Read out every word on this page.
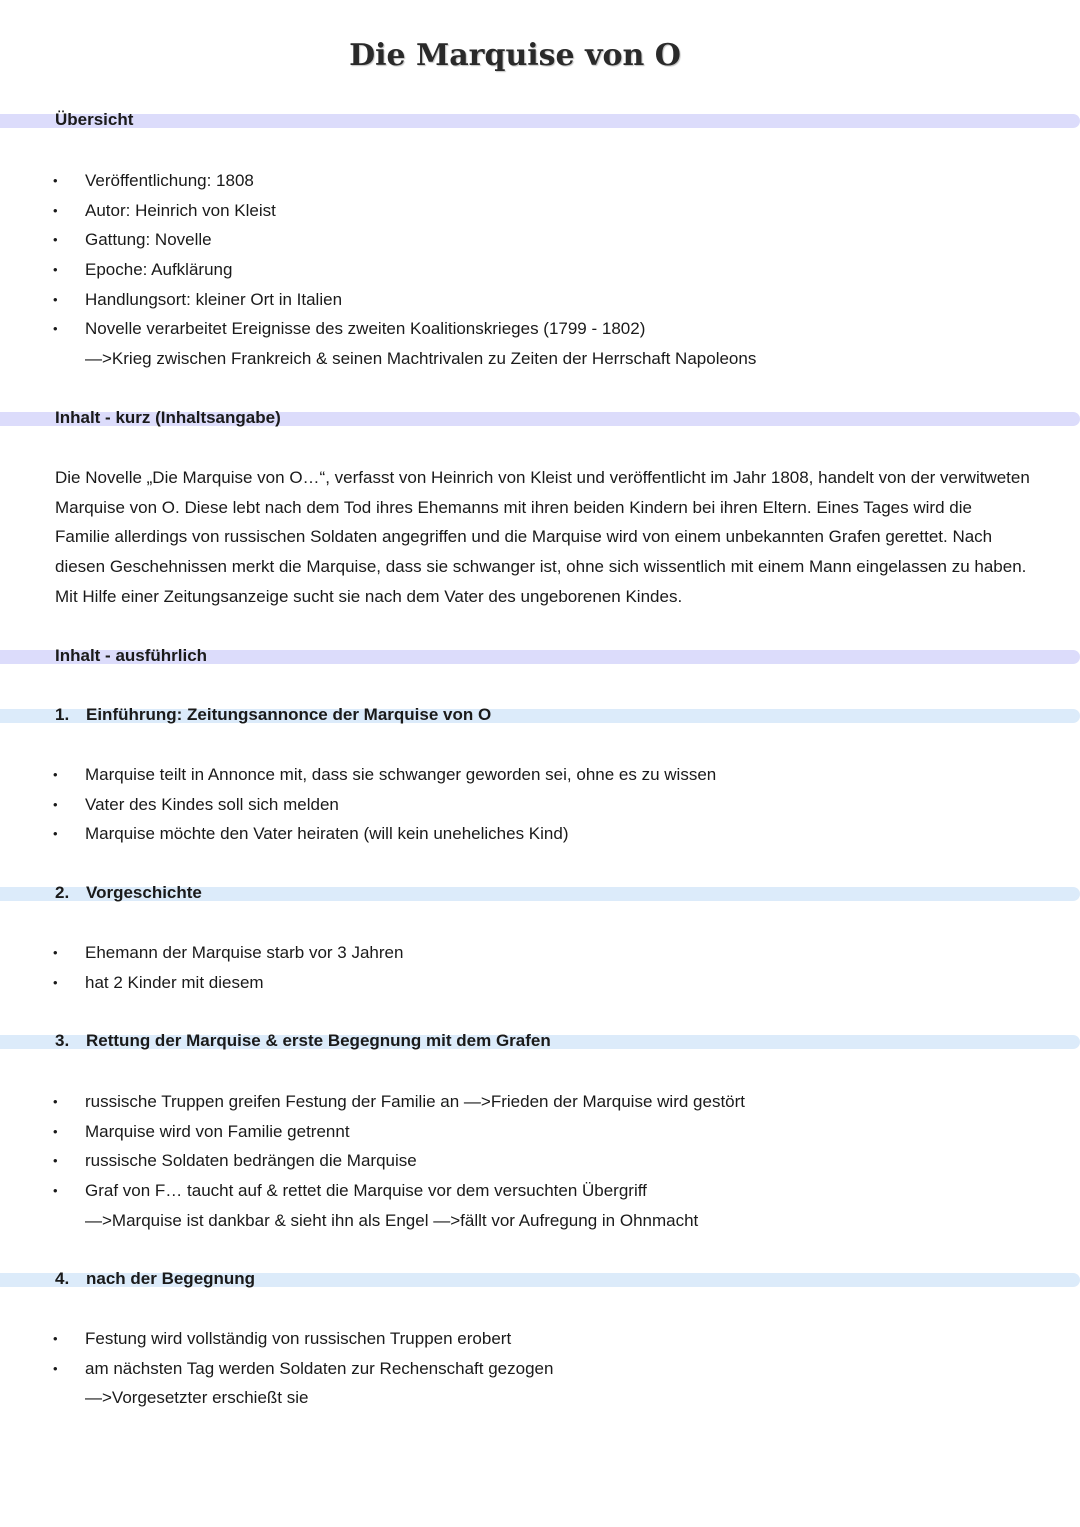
Die Marquise von O
Übersicht
• Veröffentlichung: 1808
• Autor: Heinrich von Kleist
• Gattung: Novelle
• Epoche: Aufklärung
• Handlungsort: kleiner Ort in Italien
• Novelle verarbeitet Ereignisse des zweiten Koalitionskrieges (1799 - 1802)
—>Krieg zwischen Frankreich & seinen Machtrivalen zu Zeiten der Herrschaft Napoleons
Inhalt - kurz (Inhaltsangabe)

Die Novelle „Die Marquise von O…“, verfasst von Heinrich von Kleist und veröffentlicht im Jahr 1808, handelt von der verwitweten Marquise von O. Diese lebt nach dem Tod ihres Ehemanns mit ihren beiden Kindern bei ihren Eltern. Eines Tages wird die Familie allerdings von russischen Soldaten angegriffen und die Marquise wird von einem unbekannten Grafen gerettet. Nach diesen Geschehnissen merkt die Marquise, dass sie schwanger ist, ohne sich wissentlich mit einem Mann eingelassen zu haben. Mit Hilfe einer Zeitungsanzeige sucht sie nach dem Vater des ungeborenen Kindes.

Inhalt - ausführlich
1. Einführung: Zeitungsannonce der Marquise von O
• Marquise teilt in Annonce mit, dass sie schwanger geworden sei, ohne es zu wissen
• Vater des Kindes soll sich melden
• Marquise möchte den Vater heiraten (will kein uneheliches Kind)
2. Vorgeschichte
• Ehemann der Marquise starb vor 3 Jahren
• hat 2 Kinder mit diesem
3. Rettung der Marquise & erste Begegnung mit dem Grafen
• russische Truppen greifen Festung der Familie an —>Frieden der Marquise wird gestört
• Marquise wird von Familie getrennt
• russische Soldaten bedrängen die Marquise
• Graf von F… taucht auf & rettet die Marquise vor dem versuchten Übergriff
—>Marquise ist dankbar & sieht ihn als Engel —>fällt vor Aufregung in Ohnmacht
4. nach der Begegnung
• Festung wird vollständig von russischen Truppen erobert
• am nächsten Tag werden Soldaten zur Rechenschaft gezogen
—>Vorgesetzter erschießt sie
